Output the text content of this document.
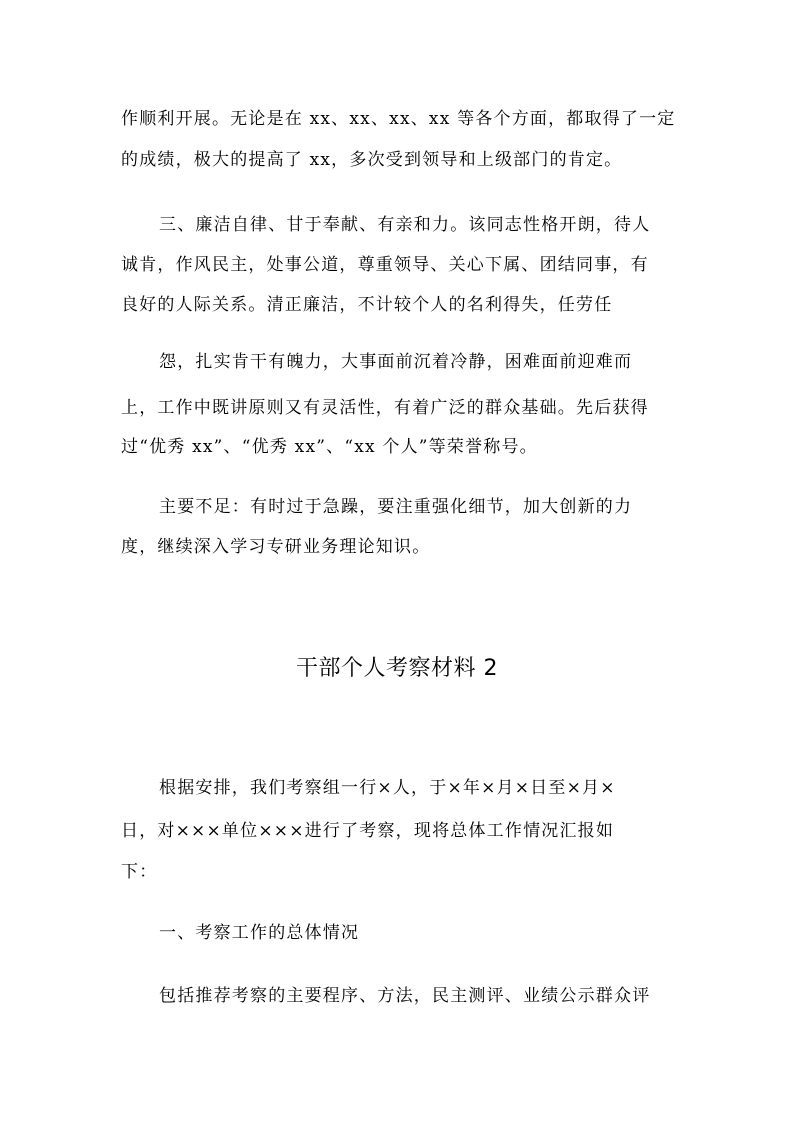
作顺利开展。无论是在 xx、xx、xx、xx 等各个方面，都取得了一定
的成绩，极大的提高了 xx，多次受到领导和上级部门的肯定。
三、廉洁自律、甘于奉献、有亲和力。该同志性格开朗，待人
诚肯，作风民主，处事公道，尊重领导、关心下属、团结同事，有
良好的人际关系。清正廉洁，不计较个人的名利得失，任劳任
怨，扎实肯干有魄力，大事面前沉着冷静，困难面前迎难而
上，工作中既讲原则又有灵活性，有着广泛的群众基础。先后获得
过“优秀 xx”、“优秀 xx”、“xx 个人”等荣誉称号。
主要不足：有时过于急躁，要注重强化细节，加大创新的力
度，继续深入学习专研业务理论知识。
干部个人考察材料 2
根据安排，我们考察组一行×人，于×年×月×日至×月×
日，对×××单位×××进行了考察，现将总体工作情况汇报如
下：
一、考察工作的总体情况
包括推荐考察的主要程序、方法，民主测评、业绩公示群众评
